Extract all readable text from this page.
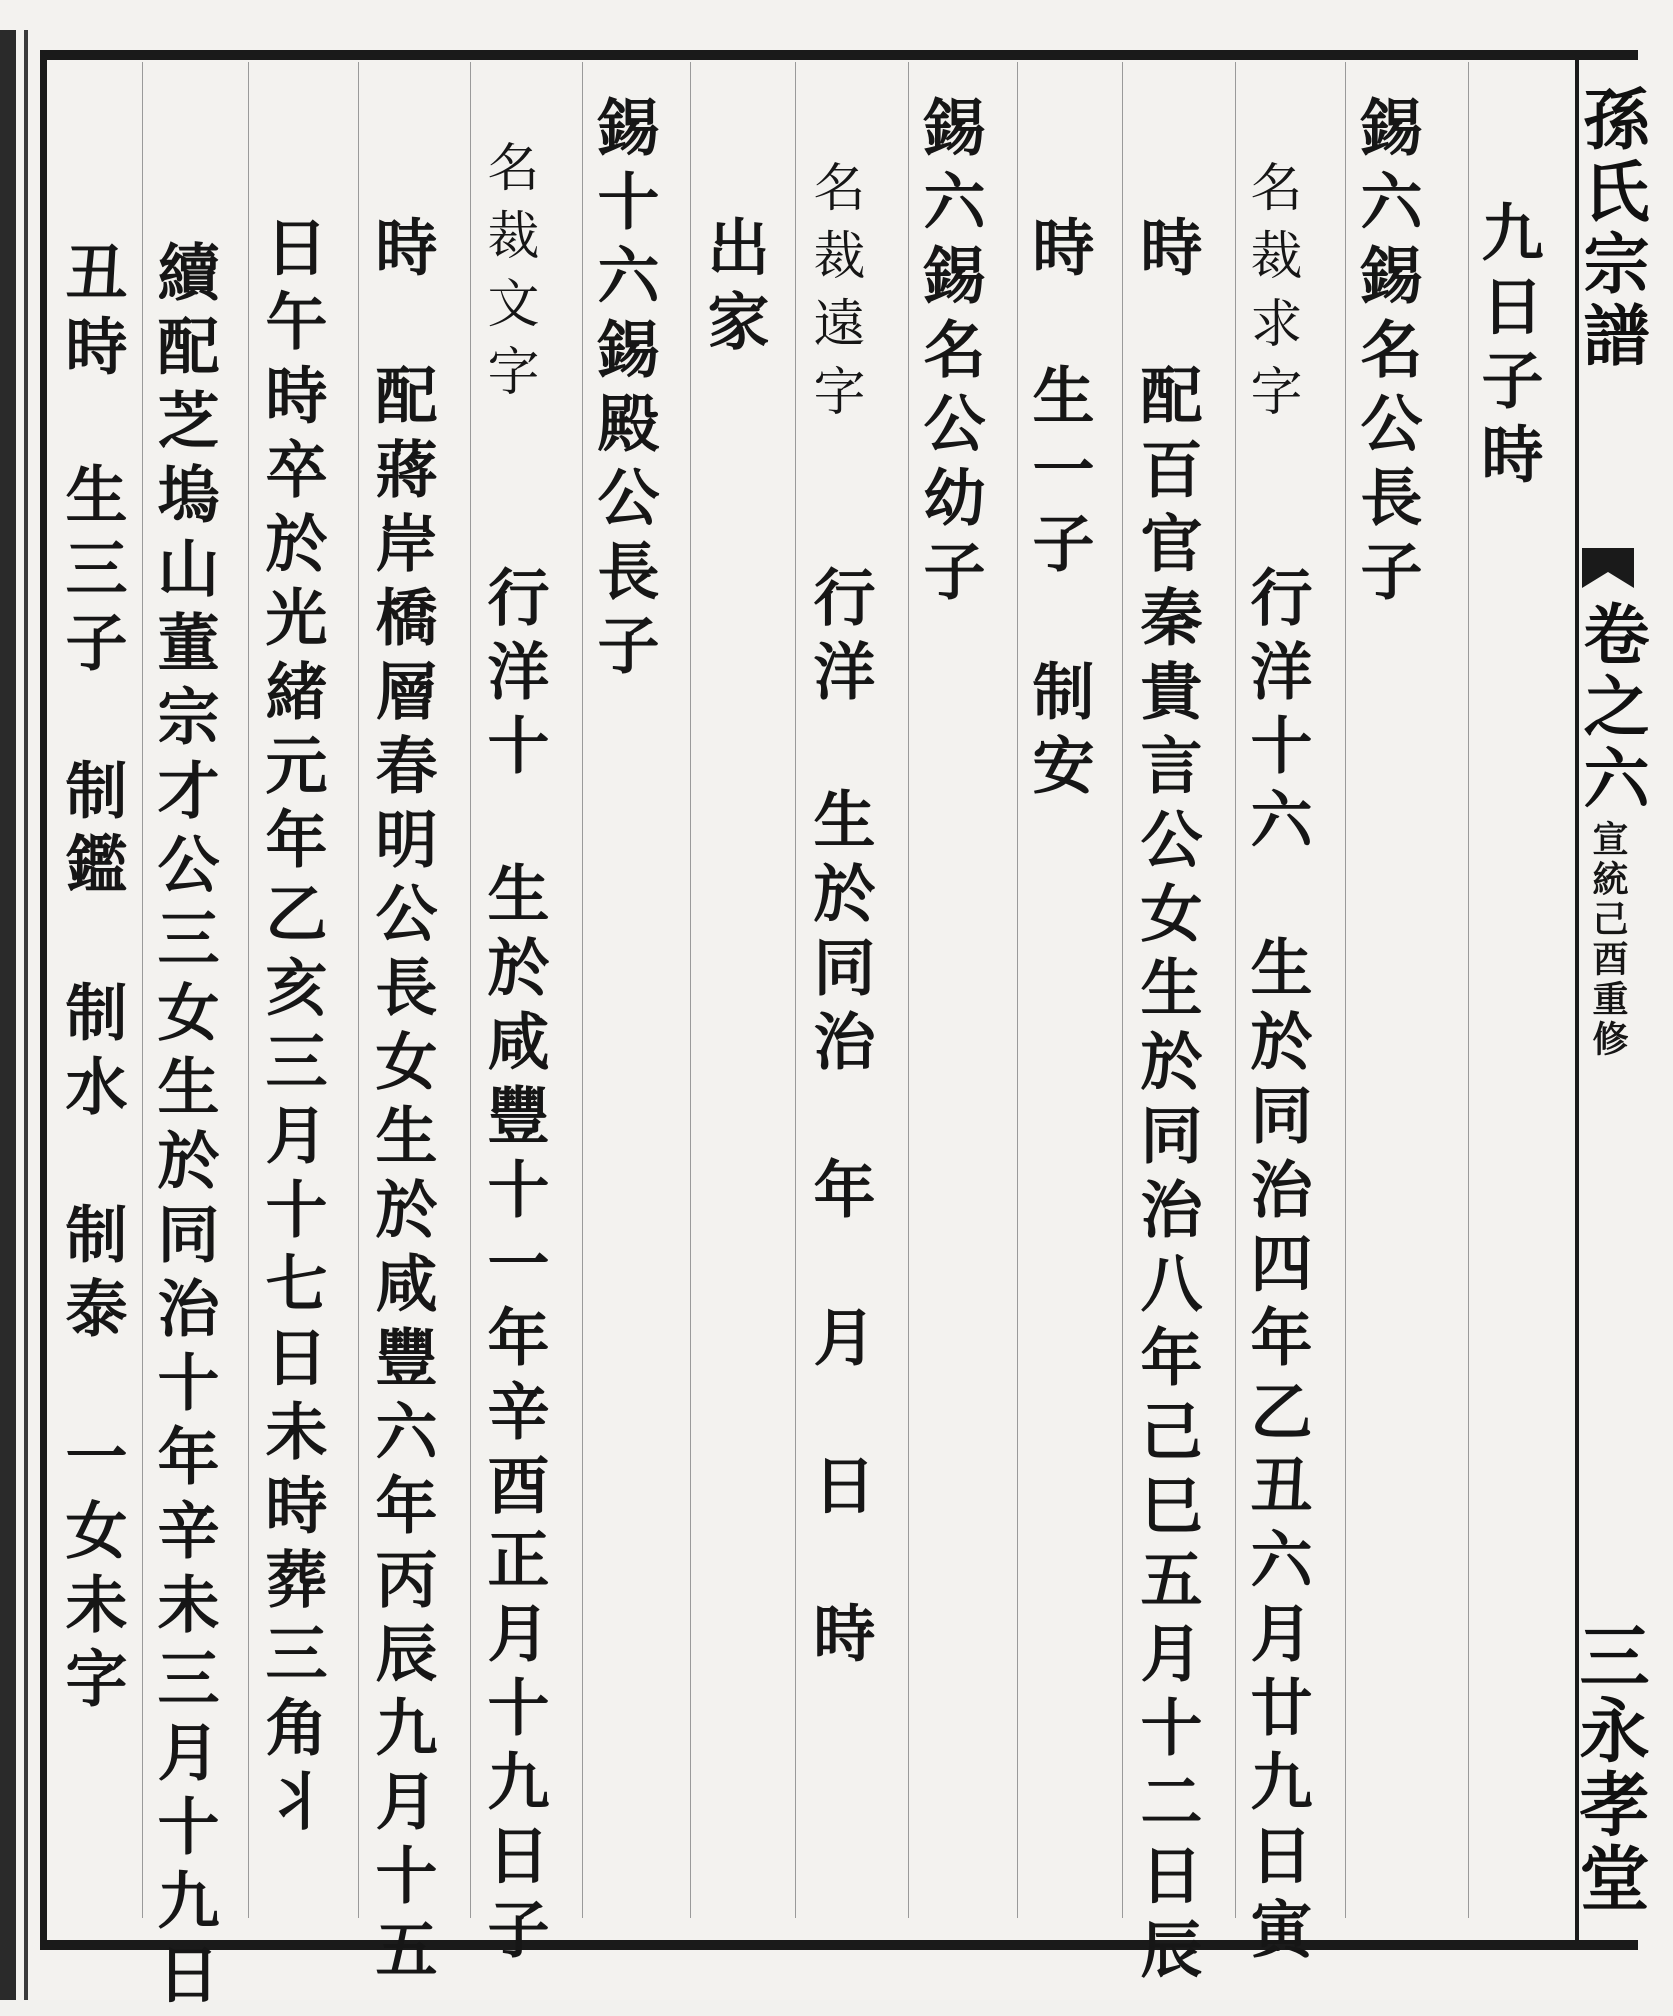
孫氏宗譜
卷之六
宣統己酉重修
三永孝堂
九日子時
錫六錫名公長子
名裁求字
行洋十六　生於同治四年乙丑六月廿九日寅
時　配百官秦貴言公女生於同治八年己巳五月十二日辰
時　生一子　制安
錫六錫名公幼子
名裁遠字
行洋　生於同治　年　月　日　時
出家
錫十六錫殿公長子
名裁文字
行洋十　生於咸豐十一年辛酉正月十九日子
時　配蔣岸橋層春明公長女生於咸豐六年丙辰九月十五
日午時卒於光緒元年乙亥三月十七日未時葬三角丬
續配芝塢山董宗才公三女生於同治十年辛未三月十九日
丑時　生三子　制鑑　制水　制泰　一女未字
